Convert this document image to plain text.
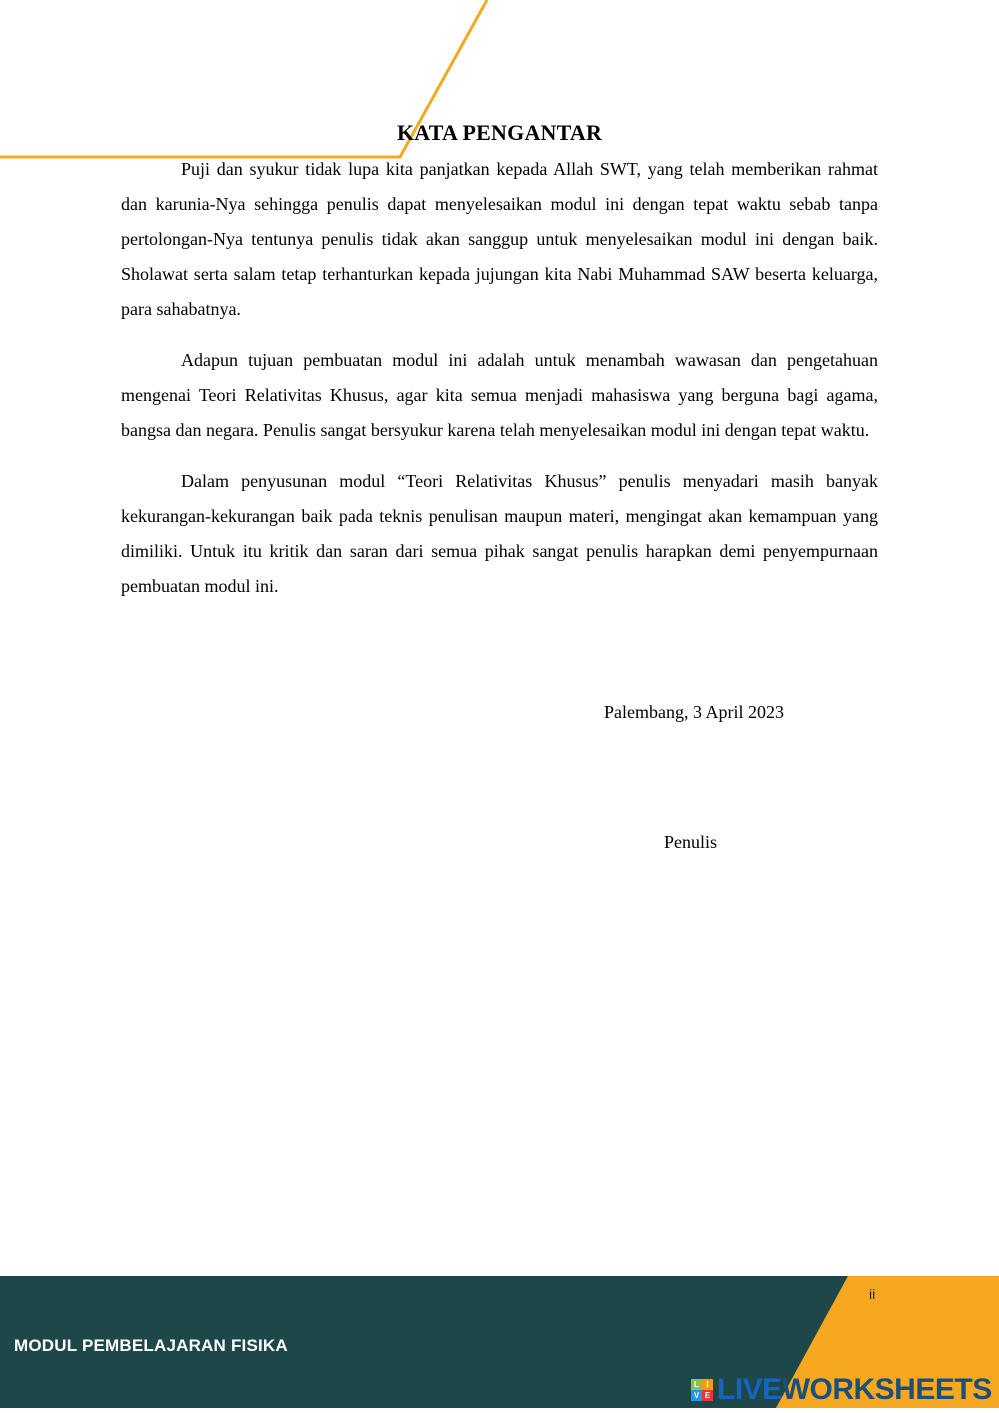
KATA PENGANTAR

Puji dan syukur tidak lupa kita panjatkan kepada Allah SWT, yang telah memberikan rahmat dan karunia-Nya sehingga penulis dapat menyelesaikan modul ini dengan tepat waktu sebab tanpa pertolongan-Nya tentunya penulis tidak akan sanggup untuk menyelesaikan modul ini dengan baik. Sholawat serta salam tetap terhanturkan kepada jujungan kita Nabi Muhammad SAW beserta keluarga, para sahabatnya.

Adapun tujuan pembuatan modul ini adalah untuk menambah wawasan dan pengetahuan mengenai Teori Relativitas Khusus, agar kita semua menjadi mahasiswa yang berguna bagi agama, bangsa dan negara. Penulis sangat bersyukur karena telah menyelesaikan modul ini dengan tepat waktu.

Dalam penyusunan modul “Teori Relativitas Khusus” penulis menyadari masih banyak kekurangan-kekurangan baik pada teknis penulisan maupun materi, mengingat akan kemampuan yang dimiliki. Untuk itu kritik dan saran dari semua pihak sangat penulis harapkan demi penyempurnaan pembuatan modul ini.

Palembang, 3 April 2023
Penulis
ii
MODUL PEMBELAJARAN FISIKA
L I
V E LIVEWORKSHEETS
